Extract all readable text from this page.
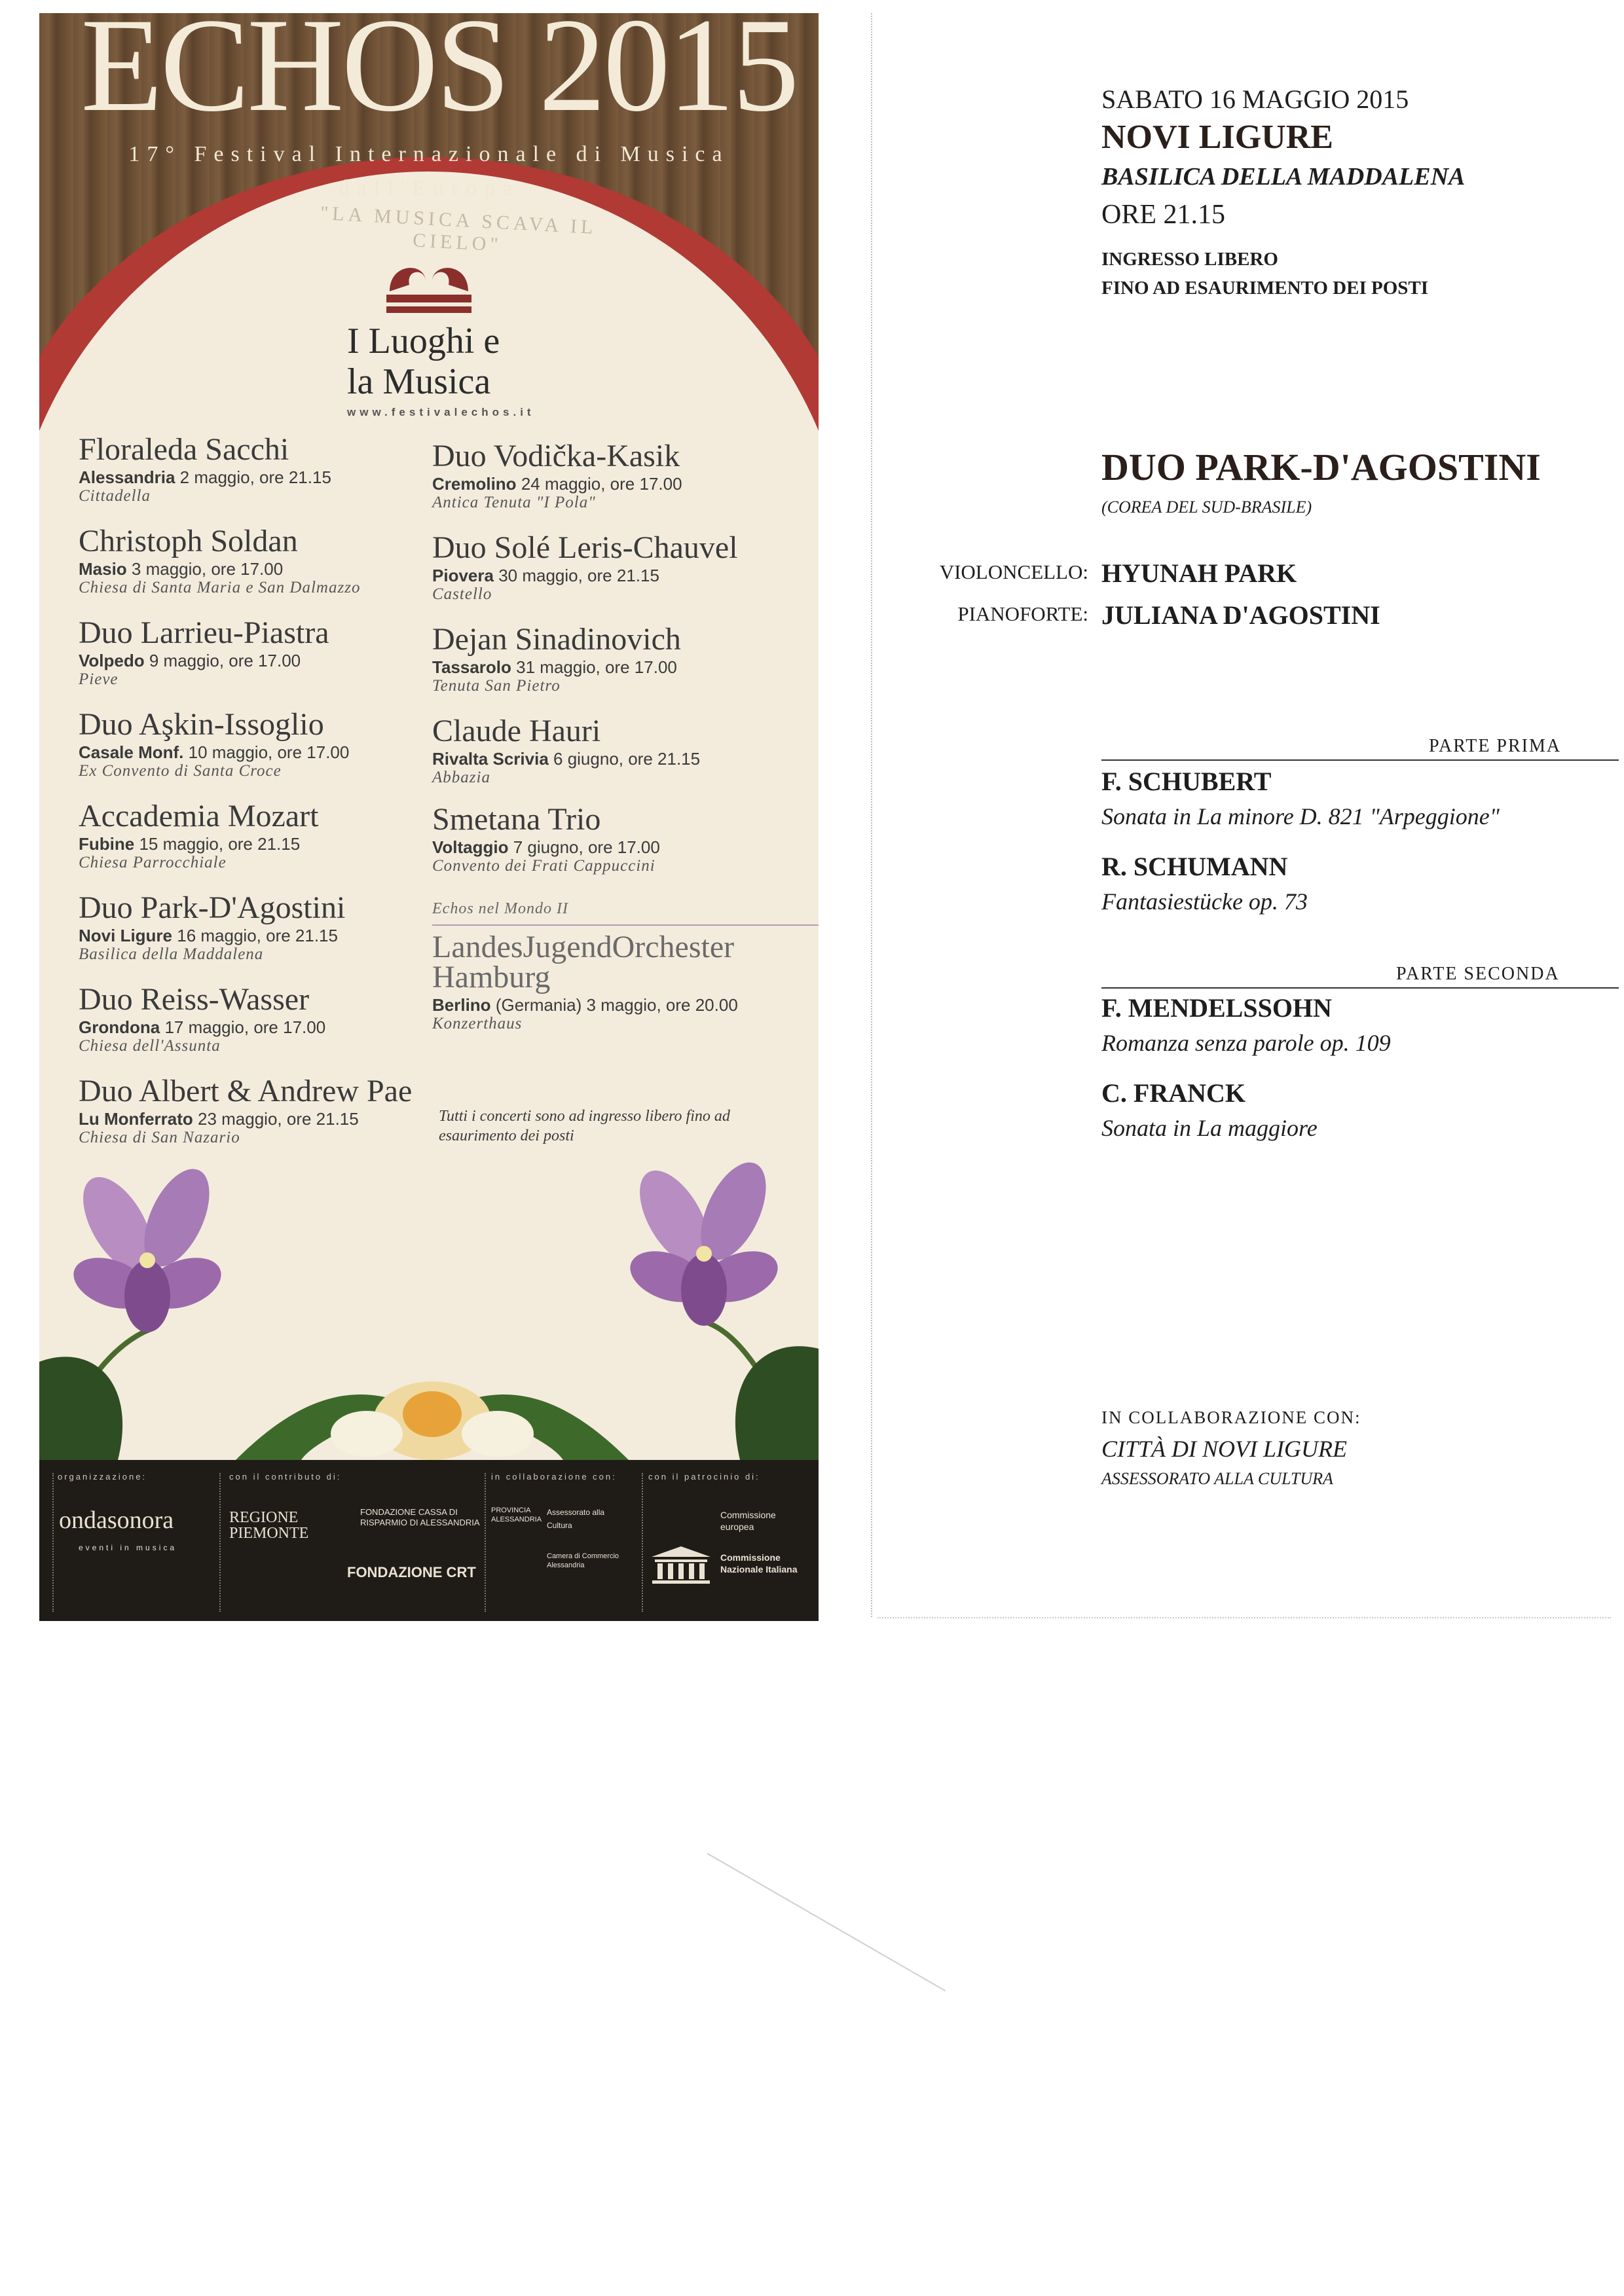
ECHOS 2015
17° Festival Internazionale di Musica dall'Europa
"LA MUSICA SCAVA IL CIELO"
I Luoghi e
la Musica
www.festivalechos.it
Floraleda Sacchi
Alessandria 2 maggio, ore 21.15
Cittadella
Christoph Soldan
Masio 3 maggio, ore 17.00
Chiesa di Santa Maria e San Dalmazzo
Duo Larrieu-Piastra
Volpedo 9 maggio, ore 17.00
Pieve
Duo Aşkin-Issoglio
Casale Monf. 10 maggio, ore 17.00
Ex Convento di Santa Croce
Accademia Mozart
Fubine 15 maggio, ore 21.15
Chiesa Parrocchiale
Duo Park-D'Agostini
Novi Ligure 16 maggio, ore 21.15
Basilica della Maddalena
Duo Reiss-Wasser
Grondona 17 maggio, ore 17.00
Chiesa dell'Assunta
Duo Albert & Andrew Pae
Lu Monferrato 23 maggio, ore 21.15
Chiesa di San Nazario
Duo Vodička-Kasik
Cremolino 24 maggio, ore 17.00
Antica Tenuta "I Pola"
Duo Solé Leris-Chauvel
Piovera 30 maggio, ore 21.15
Castello
Dejan Sinadinovich
Tassarolo 31 maggio, ore 17.00
Tenuta San Pietro
Claude Hauri
Rivalta Scrivia 6 giugno, ore 21.15
Abbazia
Smetana Trio
Voltaggio 7 giugno, ore 17.00
Convento dei Frati Cappuccini
Echos nel Mondo II
LandesJugendOrchester
Hamburg
Berlino (Germania) 3 maggio, ore 20.00
Konzerthaus
Tutti i concerti sono ad ingresso libero fino ad esaurimento dei posti
organizzazione:
ondasonora
eventi in musica
con il contributo di:
REGIONE PIEMONTE
FONDAZIONE CASSA DI RISPARMIO DI ALESSANDRIA
FONDAZIONE CRT
in collaborazione con:
PROVINCIA ALESSANDRIA
Assessorato alla Cultura
Camera di Commercio Alessandria
con il patrocinio di:
Commissione europea
Commissione Nazionale Italiana
SABATO 16 MAGGIO 2015
NOVI LIGURE
BASILICA DELLA MADDALENA
ORE 21.15
INGRESSO LIBERO
FINO AD ESAURIMENTO DEI POSTI
DUO PARK-D'AGOSTINI
(COREA DEL SUD-BRASILE)
VIOLONCELLO: HYUNAH PARK
PIANOFORTE: JULIANA D'AGOSTINI
PARTE PRIMA
F. SCHUBERT
Sonata in La minore D. 821 "Arpeggione"
R. SCHUMANN
Fantasiestücke op. 73
PARTE SECONDA
F. MENDELSSOHN
Romanza senza parole op. 109
C. FRANCK
Sonata in La maggiore
IN COLLABORAZIONE CON:
CITTÀ DI NOVI LIGURE
ASSESSORATO ALLA CULTURA
